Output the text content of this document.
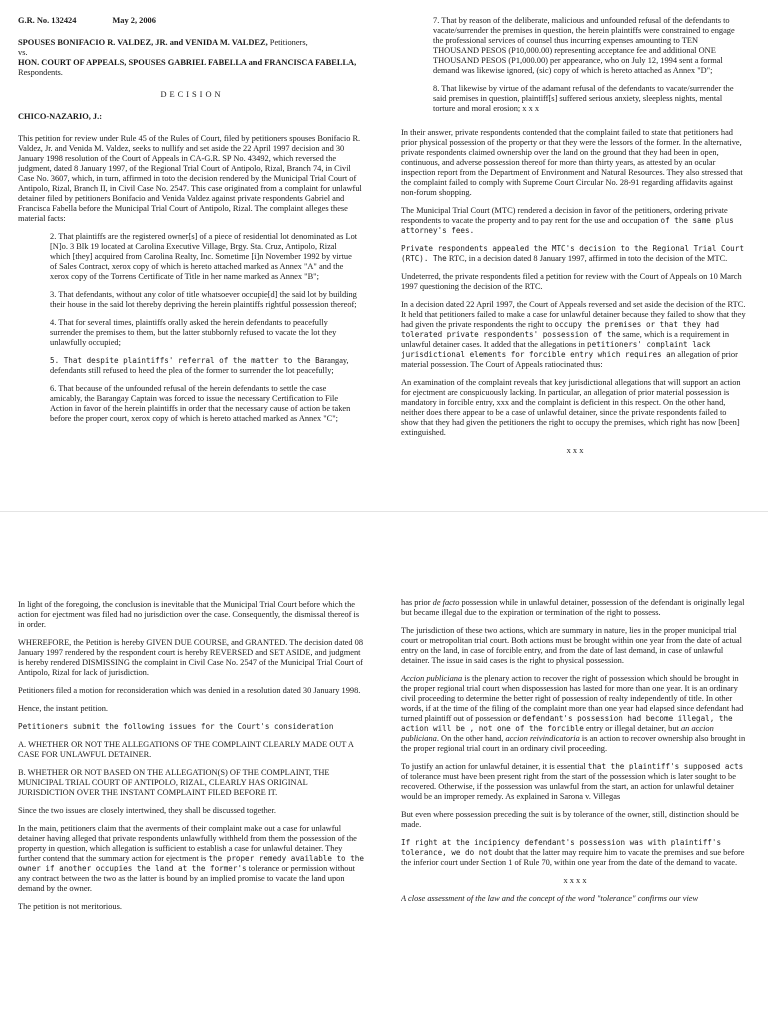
G.R. No. 132424	May 2, 2006

SPOUSES BONIFACIO R. VALDEZ, JR. and VENIDA M. VALDEZ, Petitioners,

vs.

HON. COURT OF APPEALS, SPOUSES GABRIEL FABELLA and FRANCISCA FABELLA, Respondents.

DECISION

CHICO-NAZARIO, J.:

This petition for review under Rule 45 of the Rules of Court, filed by petitioners spouses Bonifacio R. Valdez, Jr. and Venida M. Valdez, seeks to nullify and set aside the 22 April 1997 decision and 30 January 1998 resolution of the Court of Appeals in CA-G.R. SP No. 43492, which reversed the judgment, dated 8 January 1997, of the Regional Trial Court of Antipolo, Rizal, Branch 74, in Civil Case No. 3607, which, in turn, affirmed in toto the decision rendered by the Municipal Trial Court of Antipolo, Rizal, Branch II, in Civil Case No. 2547. This case originated from a complaint for unlawful detainer filed by petitioners Bonifacio and Venida Valdez against private respondents Gabriel and Francisca Fabella before the Municipal Trial Court of Antipolo, Rizal. The complaint alleges these material facts:

2. That plaintiffs are the registered owner[s] of a piece of residential lot denominated as Lot [N]o. 3 Blk 19 located at Carolina Executive Village, Brgy. Sta. Cruz, Antipolo, Rizal which [they] acquired from Carolina Realty, Inc. Sometime [i]n November 1992 by virtue of Sales Contract, xerox copy of which is hereto attached marked as Annex "A" and the xerox copy of the Torrens Certificate of Title in her name marked as Annex "B";

3. That defendants, without any color of title whatsoever occupie[d] the said lot by building their house in the said lot thereby depriving the herein plaintiffs rightful possession thereof;

4. That for several times, plaintiffs orally asked the herein defendants to peacefully surrender the premises to them, but the latter stubbornly refused to vacate the lot they unlawfully occupied;

5. That despite plaintiffs' referral of the matter to the Barangay, defendants still refused to heed the plea of the former to surrender the lot peacefully;

6. That because of the unfounded refusal of the herein defendants to settle the case amicably, the Barangay Captain was forced to issue the necessary Certification to File Action in favor of the herein plaintiffs in order that the necessary cause of action be taken before the proper court, xerox copy of which is hereto attached marked as Annex "C";

7. That by reason of the deliberate, malicious and unfounded refusal of the defendants to vacate/surrender the premises in question, the herein plaintiffs were constrained to engage the professional services of counsel thus incurring expenses amounting to TEN THOUSAND PESOS (P10,000.00) representing acceptance fee and additional ONE THOUSAND PESOS (P1,000.00) per appearance, who on July 12, 1994 sent a formal demand was likewise ignored, (sic) copy of which is hereto attached as Annex "D";

8. That likewise by virtue of the adamant refusal of the defendants to vacate/surrender the said premises in question, plaintiff[s] suffered serious anxiety, sleepless nights, mental torture and moral erosion; x x x

In their answer, private respondents contended that the complaint failed to state that petitioners had prior physical possession of the property or that they were the lessors of the former. In the alternative, private respondents claimed ownership over the land on the ground that they had been in open, continuous, and adverse possession thereof for more than thirty years, as attested by an ocular inspection report from the Department of Environment and Natural Resources. They also stressed that the complaint failed to comply with Supreme Court Circular No. 28-91 regarding affidavits against non-forum shopping.

The Municipal Trial Court (MTC) rendered a decision in favor of the petitioners, ordering private respondents to vacate the property and to pay rent for the use and occupation of the same plus attorney's fees.

Private respondents appealed the MTC's decision to the Regional Trial Court (RTC). The RTC, in a decision dated 8 January 1997, affirmed in toto the decision of the MTC.

Undeterred, the private respondents filed a petition for review with the Court of Appeals on 10 March 1997 questioning the decision of the RTC.

In a decision dated 22 April 1997, the Court of Appeals reversed and set aside the decision of the RTC. It held that petitioners failed to make a case for unlawful detainer because they failed to show that they had given the private respondents the right to occupy the premises or that they had tolerated private respondents' possession of the same, which is a requirement in unlawful detainer cases. It added that the allegations in petitioners' complaint lack jurisdictional elements for forcible entry which requires an allegation of prior material possession. The Court of Appeals ratiocinated thus:

An examination of the complaint reveals that key jurisdictional allegations that will support an action for ejectment are conspicuously lacking. In particular, an allegation of prior material possession is mandatory in forcible entry, xxx and the complaint is deficient in this respect. On the other hand, neither does there appear to be a case of unlawful detainer, since the private respondents failed to show that they had given the petitioners the right to occupy the premises, which right has now [been] extinguished.

x x x

In light of the foregoing, the conclusion is inevitable that the Municipal Trial Court before which the action for ejectment was filed had no jurisdiction over the case. Consequently, the dismissal thereof is in order.

WHEREFORE, the Petition is hereby GIVEN DUE COURSE, and GRANTED. The decision dated 08 January 1997 rendered by the respondent court is hereby REVERSED and SET ASIDE, and judgment is hereby rendered DISMISSING the complaint in Civil Case No. 2547 of the Municipal Trial Court of Antipolo, Rizal for lack of jurisdiction.

Petitioners filed a motion for reconsideration which was denied in a resolution dated 30 January 1998.

Hence, the instant petition.

Petitioners submit the following issues for the Court's consideration

A. WHETHER OR NOT THE ALLEGATIONS OF THE COMPLAINT CLEARLY MADE OUT A CASE FOR UNLAWFUL DETAINER.

B. WHETHER OR NOT BASED ON THE ALLEGATION(S) OF THE COMPLAINT, THE MUNICIPAL TRIAL COURT OF ANTIPOLO, RIZAL, CLEARLY HAS ORIGINAL JURISDICTION OVER THE INSTANT COMPLAINT FILED BEFORE IT.

Since the two issues are closely intertwined, they shall be discussed together.

In the main, petitioners claim that the averments of their complaint make out a case for unlawful detainer having alleged that private respondents unlawfully withheld from them the possession of the property in question, which allegation is sufficient to establish a case for unlawful detainer. They further contend that the summary action for ejectment is the proper remedy available to the owner if another occupies the land at the former's tolerance or permission without any contract between the two as the latter is bound by an implied promise to vacate the land upon demand by the owner.

The petition is not meritorious.

has prior de facto possession while in unlawful detainer, possession of the defendant is originally legal but became illegal due to the expiration or termination of the right to possess.

The jurisdiction of these two actions, which are summary in nature, lies in the proper municipal trial court or metropolitan trial court. Both actions must be brought within one year from the date of actual entry on the land, in case of forcible entry, and from the date of last demand, in case of unlawful detainer. The issue in said cases is the right to physical possession.

Accion publiciana is the plenary action to recover the right of possession which should be brought in the proper regional trial court when dispossession has lasted for more than one year. It is an ordinary civil proceeding to determine the better right of possession of realty independently of title. In other words, if at the time of the filing of the complaint more than one year had elapsed since defendant had turned plaintiff out of possession or defendant's possession had become illegal, the action will be , not one of the forcible entry or illegal detainer, but an accion publiciana. On the other hand, accion reivindicatoria is an action to recover ownership also brought in the proper regional trial court in an ordinary civil proceeding.

To justify an action for unlawful detainer, it is essential that the plaintiff's supposed acts of tolerance must have been present right from the start of the possession which is later sought to be recovered. Otherwise, if the possession was unlawful from the start, an action for unlawful detainer would be an improper remedy. As explained in Sarona v. Villegas

But even where possession preceding the suit is by tolerance of the owner, still, distinction should be made.

If right at the incipiency defendant's possession was with plaintiff's tolerance, we do not doubt that the latter may require him to vacate the premises and sue before the inferior court under Section 1 of Rule 70, within one year from the date of the demand to vacate.

x x x x

A close assessment of the law and the concept of the word "tolerance" confirms our view
